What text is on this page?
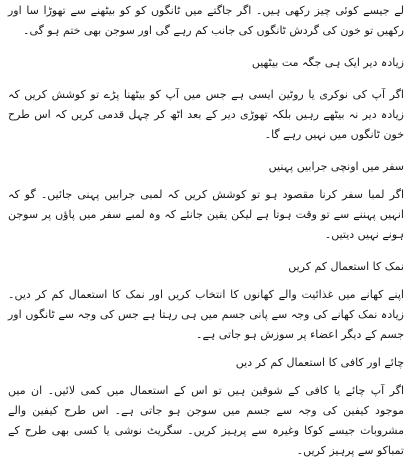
لے جیسے کوئی چیز رکھی ہیں۔ اگر جاگتے میں ٹانگوں کو کو بیٹھنے سے تھوڑا سا اور رکھیں تو خون کی گردش ٹانگوں کی جانب کم رہے گی اور سوجن بھی ختم ہو گی۔

زیادہ دیر ایک ہی جگہ مت بیٹھیں

اگر آپ کی نوکری یا روٹین ایسی ہے جس میں آپ کو بیٹھنا پڑے تو کوشش کریں کہ زیادہ دیر نہ بیٹھے رہیں بلکہ تھوڑی دیر کے بعد اٹھ کر چہل قدمی کریں کہ اس طرح خون ٹانگوں میں نہیں رہے گا۔

سفر میں اونچی جرابیں پہنیں

اگر لمبا سفر کرنا مقصود ہو تو کوشش کریں کہ لمبی جرابیں پہنی جائیں۔ گو کہ انہیں پہننے سے تو وقت ہوتا ہے لیکن یقین جانئے کہ وہ لمبے سفر میں پاؤں پر سوجن ہونے نہیں دیتیں۔

نمک کا استعمال کم کریں

اپنے کھانے میں غذائیت والے کھانوں کا انتخاب کریں اور نمک کا استعمال کم کر دیں۔ زیادہ نمک کھانے کی وجہ سے پانی جسم میں ہی رہتا ہے جس کی وجہ سے ٹانگوں اور جسم کے دیگر اعضاء پر سوزش ہو جاتی ہے۔

چائے اور کافی کا استعمال کم کر دیں

اگر آپ چائے یا کافی کے شوقین ہیں تو اس کے استعمال میں کمی لائیں۔ ان میں موجود کیفین کی وجہ سے جسم میں سوجن ہو جاتی ہے۔ اس طرح کیفین والے مشروبات جیسے کوکا وغیرہ سے پرہیز کریں۔ سگریٹ نوشی یا کسی بھی طرح کے تمباکو سے پرہیز کریں۔
